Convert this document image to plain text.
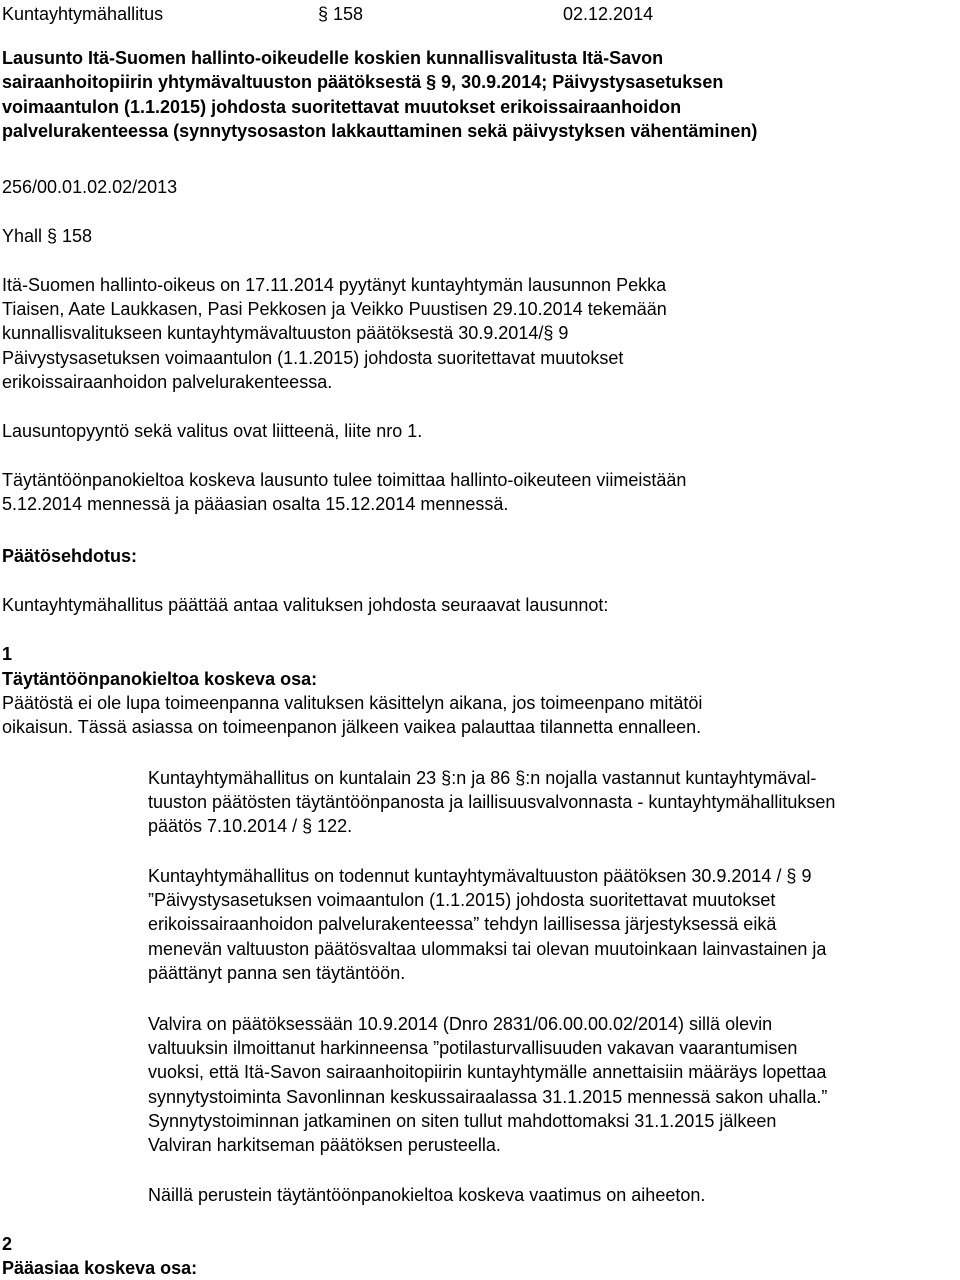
Kuntayhtymähallitus	§ 158	02.12.2014
Lausunto Itä-Suomen hallinto-oikeudelle koskien kunnallisvalitusta Itä-Savon
sairaanhoitopiirin yhtymävaltuuston päätöksestä § 9, 30.9.2014; Päivystysasetuksen
voimaantulon (1.1.2015) johdosta suoritettavat muutokset erikoissairaanhoidon
palvelurakenteessa (synnytysosaston lakkauttaminen sekä päivystyksen vähentäminen)
256/00.01.02.02/2013
Yhall § 158
Itä-Suomen hallinto-oikeus on 17.11.2014 pyytänyt kuntayhtymän lausunnon Pekka
Tiaisen, Aate Laukkasen, Pasi Pekkosen ja Veikko Puustisen 29.10.2014 tekemään
kunnallisvalitukseen kuntayhtymävaltuuston päätöksestä 30.9.2014/§ 9
Päivystysasetuksen voimaantulon (1.1.2015) johdosta suoritettavat muutokset
erikoissairaanhoidon palvelurakenteessa.
Lausuntopyyntö sekä valitus ovat liitteenä, liite nro 1.
Täytäntöönpanokieltoa koskeva lausunto tulee toimittaa hallinto-oikeuteen viimeistään
5.12.2014 mennessä ja pääasian osalta 15.12.2014 mennessä.
Päätösehdotus:
Kuntayhtymähallitus päättää antaa valituksen johdosta seuraavat lausunnot:
1
Täytäntöönpanokieltoa koskeva osa:
Päätöstä ei ole lupa toimeenpanna valituksen käsittelyn aikana, jos toimeenpano mitätöi
oikaisun. Tässä asiassa on toimeenpanon jälkeen vaikea palauttaa tilannetta ennalleen.
Kuntayhtymähallitus on kuntalain 23 §:n ja 86 §:n nojalla vastannut kuntayhtymäval-
tuuston päätösten täytäntöönpanosta ja laillisuusvalvonnasta - kuntayhtymähallituksen
päätös 7.10.2014 / § 122.
Kuntayhtymähallitus on todennut kuntayhtymävaltuuston päätöksen 30.9.2014 / § 9
”Päivystysasetuksen voimaantulon (1.1.2015) johdosta suoritettavat muutokset
erikoissairaanhoidon palvelurakenteessa” tehdyn laillisessa järjestyksessä eikä
menevän valtuuston päätösvaltaa ulommaksi tai olevan muutoinkaan lainvastainen ja
päättänyt panna sen täytäntöön.
Valvira on päätöksessään 10.9.2014 (Dnro 2831/06.00.00.02/2014) sillä olevin
valtuuksin ilmoittanut harkinneensa ”potilasturvallisuuden vakavan vaarantumisen
vuoksi, että Itä-Savon sairaanhoitopiirin kuntayhtymälle annettaisiin määräys lopettaa
synnytystoiminta Savonlinnan keskussairaalassa 31.1.2015 mennessä sakon uhalla.”
Synnytystoiminnan jatkaminen on siten tullut mahdottomaksi 31.1.2015 jälkeen
Valviran harkitseman päätöksen perusteella.
Näillä perustein täytäntöönpanokieltoa koskeva vaatimus on aiheeton.
2
Pääasiaa koskeva osa:
